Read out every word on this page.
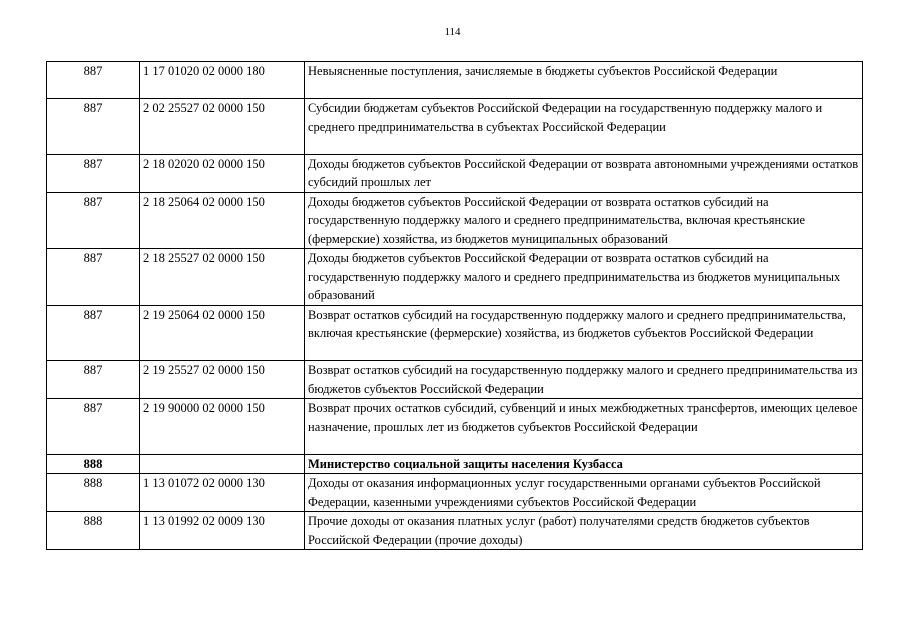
114
887	1 17 01020 02 0000 180	Невыясненные поступления, зачисляемые в бюджеты субъектов Российской Федерации
887	2 02 25527 02 0000 150	Субсидии бюджетам субъектов Российской Федерации на государственную поддержку малого и среднего предпринимательства в субъектах Российской Федерации
887	2 18 02020 02 0000 150	Доходы бюджетов субъектов Российской Федерации от возврата автономными учреждениями остатков субсидий прошлых лет
887	2 18 25064 02 0000 150	Доходы бюджетов субъектов Российской Федерации от возврата остатков субсидий на государственную поддержку малого и среднего предпринимательства, включая крестьянские (фермерские) хозяйства, из бюджетов муниципальных образований
887	2 18 25527 02 0000 150	Доходы бюджетов субъектов Российской Федерации от возврата остатков субсидий на государственную поддержку малого и среднего предпринимательства из бюджетов муниципальных образований
887	2 19 25064 02 0000 150	Возврат остатков субсидий на государственную поддержку малого и среднего предпринимательства, включая крестьянские (фермерские) хозяйства, из бюджетов субъектов Российской Федерации
887	2 19 25527 02 0000 150	Возврат остатков субсидий на государственную поддержку малого и среднего предпринимательства из бюджетов субъектов Российской Федерации
887	2 19 90000 02 0000 150	Возврат прочих остатков субсидий, субвенций и иных межбюджетных трансфертов, имеющих целевое назначение, прошлых лет из бюджетов субъектов Российской Федерации
888		Министерство социальной защиты населения Кузбасса
888	1 13 01072 02 0000 130	Доходы от оказания информационных услуг государственными органами субъектов Российской Федерации, казенными учреждениями субъектов Российской Федерации
888	1 13 01992 02 0009 130	Прочие доходы от оказания платных услуг (работ) получателями средств бюджетов субъектов Российской Федерации (прочие доходы)
